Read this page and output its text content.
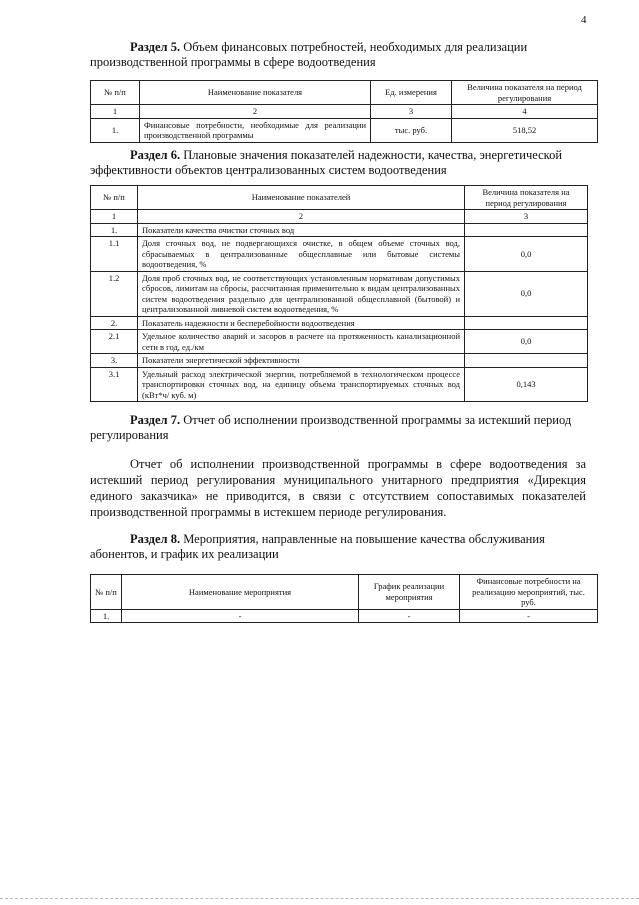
4
Раздел 5. Объем финансовых потребностей, необходимых для реализации производственной программы в сфере водоотведения
№ п/п	Наименование показателя	Ед. измерения	Величина показателя на период регулирования
1	2	3	4
1.	Финансовые потребности, необходимые для реализации производственной программы	тыс. руб.	518,52
Раздел 6. Плановые значения показателей надежности, качества, энергетической эффективности объектов централизованных систем водоотведения
№ п/п	Наименование показателей	Величина показателя на период регулирования
1	2	3
1.	Показатели качества очистки сточных вод	
1.1	Доля сточных вод, не подвергающихся очистке, в общем объеме сточных вод, сбрасываемых в централизованные общесплавные или бытовые системы водоотведения, %	0,0
1.2	Доля проб сточных вод, не соответствующих установленным нормативам допустимых сбросов, лимитам на сбросы, рассчитанная применительно к видам централизованных систем водоотведения раздельно для централизованной общесплавной (бытовой) и централизованной ливневой систем водоотведения, %	0,0
2.	Показатель надежности и бесперебойности водоотведения	
2.1	Удельное количество аварий и засоров в расчете на протяженность канализационной сети в год, ед./км	0,0
3.	Показатели энергетической эффективности	
3.1	Удельный расход электрической энергии, потребляемой в технологическом процессе транспортировки сточных вод, на единицу объема транспортируемых сточных вод (кВт*ч/ куб. м)	0,143
Раздел 7. Отчет об исполнении производственной программы за истекший период регулирования
Отчет об исполнении производственной программы в сфере водоотведения за истекший период регулирования муниципального унитарного предприятия «Дирекция единого заказчика» не приводится, в связи с отсутствием сопоставимых показателей производственной программы в истекшем периоде регулирования.
Раздел 8. Мероприятия, направленные на повышение качества обслуживания абонентов, и график их реализации
№ п/п	Наименование мероприятия	График реализации мероприятия	Финансовые потребности на реализацию мероприятий, тыс. руб.
1.	-	-	-
